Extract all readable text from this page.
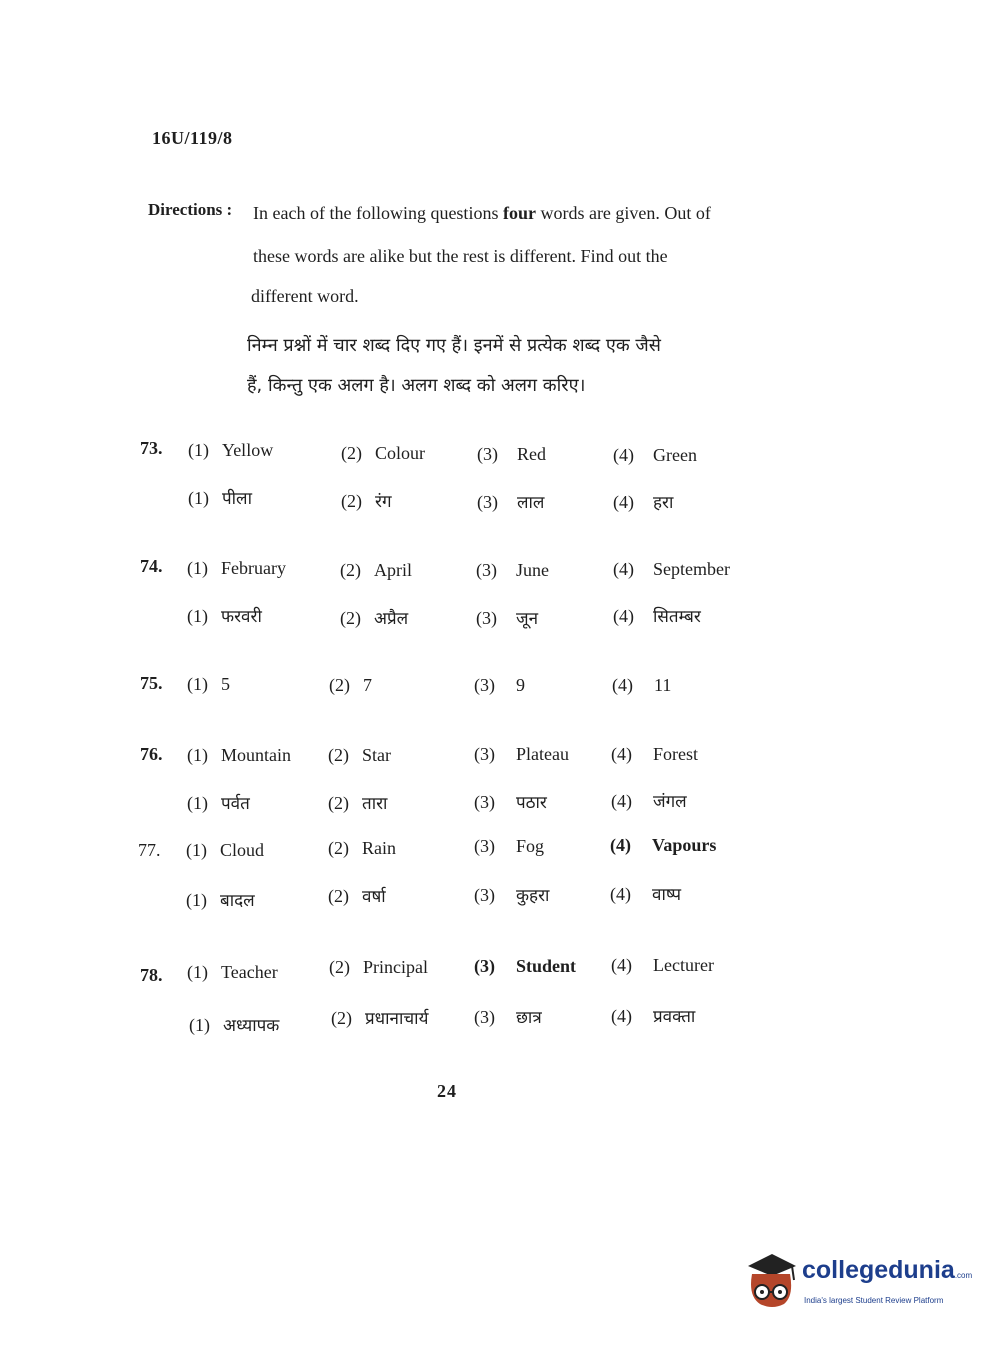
16U/119/8
Directions : In each of the following questions four words are given. Out of
these words are alike but the rest is different. Find out the
different word.
निम्न प्रश्नों में चार शब्द दिए गए हैं। इनमें से प्रत्येक शब्द एक जैसे
हैं, किन्तु एक अलग है। अलग शब्द को अलग करिए।
73. (1) Yellow	(2) Colour	(3) Red	(4) Green
(1) पीला	(2) रंग	(3) लाल	(4) हरा
74. (1) February	(2) April	(3) June	(4) September
(1) फरवरी	(2) अप्रैल	(3) जून	(4) सितम्बर
75. (1) 5	(2) 7	(3) 9	(4) 11
76. (1) Mountain (2) Star	(3) Plateau (4) Forest
(1) पर्वत	(2) तारा	(3) पठार	(4) जंगल
77. (1) Cloud	(2) Rain	(3) Fog	(4) Vapours
(1) बादल	(2) वर्षा	(3) कुहरा	(4) वाष्प
78. (1) Teacher	(2) Principal	(3) Student (4) Lecturer
(1) अध्यापक	(2) प्रधानाचार्य	(3) छात्र	(4) प्रवक्ता
24
collegedunia.com
India's largest Student Review Platform
